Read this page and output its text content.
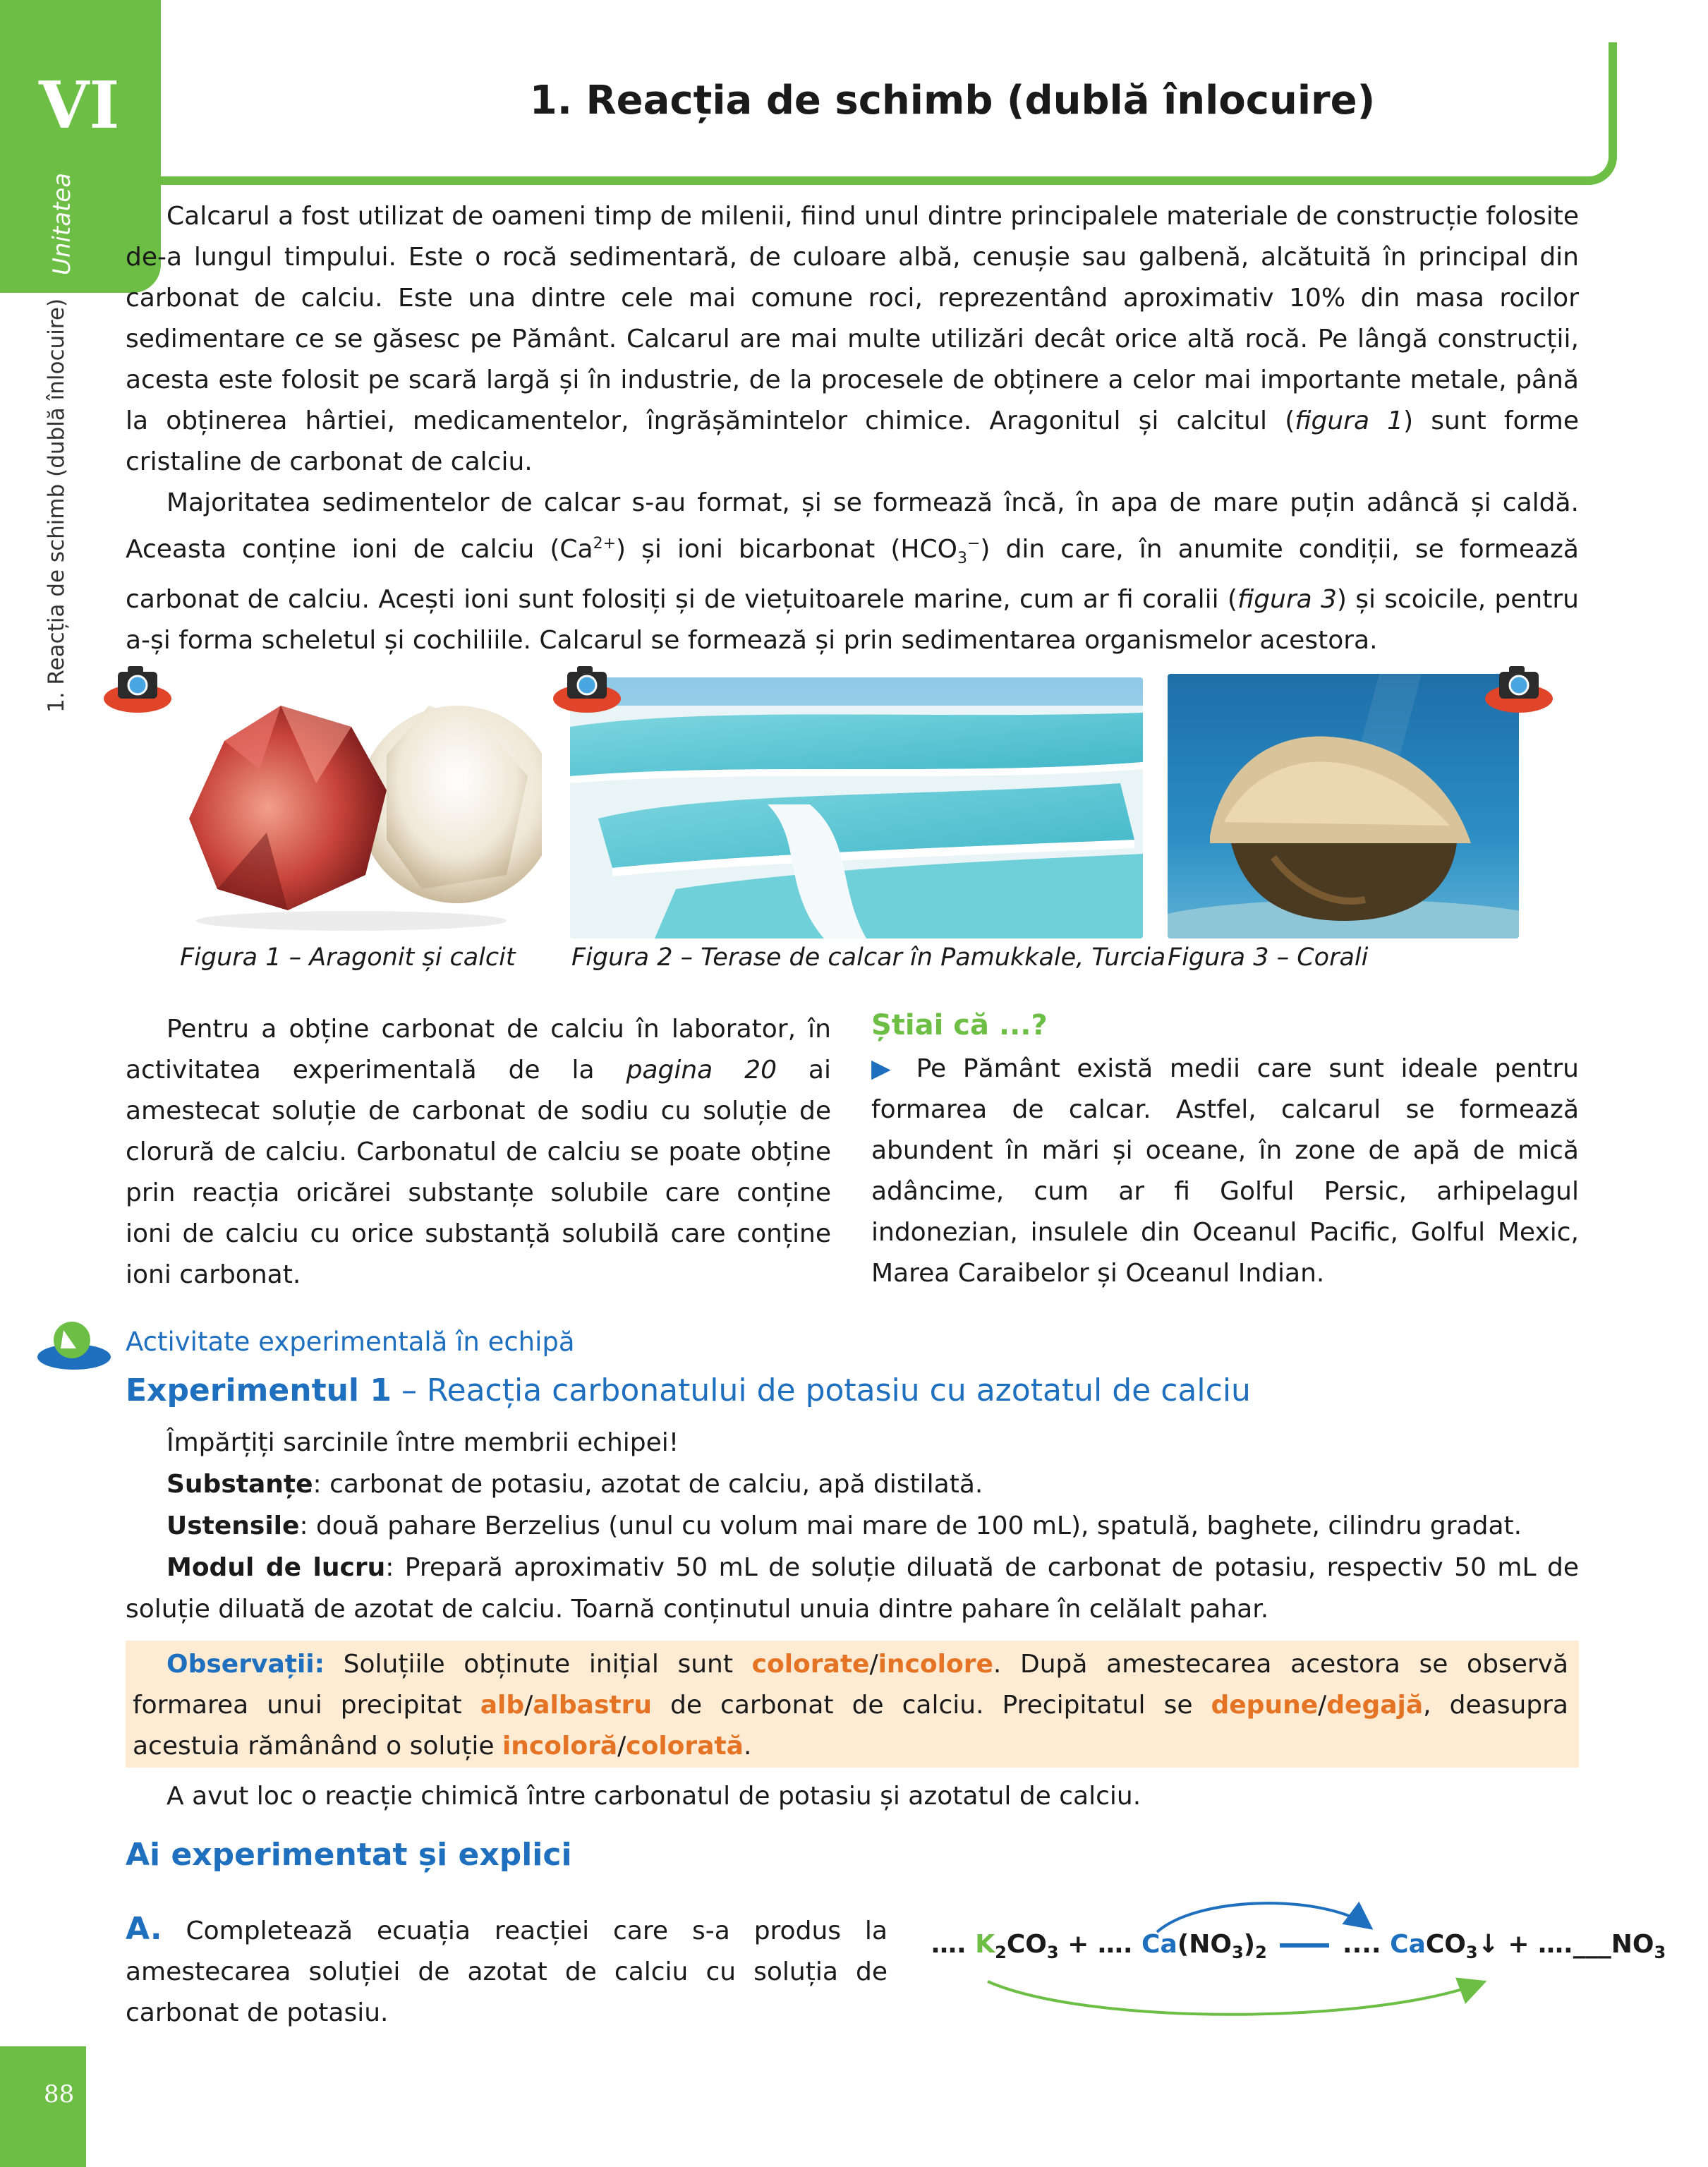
VI	1. Reacția de schimb (dublă înlocuire)
Unitatea
1. Reacția de schimb (dublă înlocuire)
88

Calcarul a fost utilizat de oameni timp de milenii, fiind unul dintre principalele materiale de construcție folosite de-a lungul timpului. Este o rocă sedimentară, de culoare albă, cenușie sau galbenă, alcătuită în principal din carbonat de calciu. Este una dintre cele mai comune roci, reprezentând aproximativ 10% din masa rocilor sedimentare ce se găsesc pe Pământ. Calcarul are mai multe utilizări decât orice altă rocă. Pe lângă construcții, acesta este folosit pe scară largă și în industrie, de la procesele de obținere a celor mai importante metale, până la obținerea hârtiei, medicamentelor, îngrășămintelor chimice. Aragonitul și calcitul (figura 1) sunt forme cristaline de carbonat de calciu.

Majoritatea sedimentelor de calcar s-au format, și se formează încă, în apa de mare puțin adâncă și caldă. Aceasta conține ioni de calciu $(Ca^{2+})$ și ioni bicarbonat $(HCO_3^-)$ din care, în anumite condiții, se formează carbonat de calciu. Acești ioni sunt folosiți și de viețuitoarele marine, cum ar fi coralii (figura 3) și scoicile, pentru a-și forma scheletul și cochiliile. Calcarul se formează și prin sedimentarea organismelor acestora.

Figura 1 – Aragonit și calcit Figura 2 – Terase de calcar în Pamukkale, Turcia Figura 3 – Corali

Pentru a obține carbonat de calciu în laborator, în activitatea experimentală de la pagina 20 ai amestecat soluție de carbonat de sodiu cu soluție de clorură de calciu. Carbonatul de calciu se poate obține prin reacția oricărei substanțe solubile care conține ioni de calciu cu orice substanță solubilă care conține ioni carbonat.

Știai că ...?

▶ Pe Pământ există medii care sunt ideale pentru formarea de calcar. Astfel, calcarul se formează abundent în mări și oceane, în zone de apă de mică adâncime, cum ar fi Golful Persic, arhipelagul indonezian, insulele din Oceanul Pacific, Golful Mexic, Marea Caraibelor și Oceanul Indian.

Activitate experimentală în echipă
Experimentul 1 – Reacția carbonatului de potasiu cu azotatul de calciu

Împărțiți sarcinile între membrii echipei!

Substanțe: carbonat de potasiu, azotat de calciu, apă distilată.

Ustensile: două pahare Berzelius (unul cu volum mai mare de 100 mL), spatulă, baghete, cilindru gradat.

Modul de lucru: Prepară aproximativ 50 mL de soluție diluată de carbonat de potasiu, respectiv 50 mL de soluție diluată de azotat de calciu. Toarnă conținutul unuia dintre pahare în celălalt pahar.

Observații: Soluțiile obținute inițial sunt colorate/incolore. După amestecarea acestora se observă formarea unui precipitat alb/albastru de carbonat de calciu. Precipitatul se depune/degajă, deasupra acestuia rămânând o soluție incoloră/colorată.
A avut loc o reacție chimică între carbonatul de potasiu și azotatul de calciu.
Ai experimentat și explici
A. Completează ecuația reacției care s-a produs la amestecarea soluției de azotat de calciu cu soluția de carbonat de potasiu.
…. $K_2CO_3$ + …. $Ca(NO_3)_2$	.... CaCO$_3$↓ + $\dots.\_\_\_NO_3$
